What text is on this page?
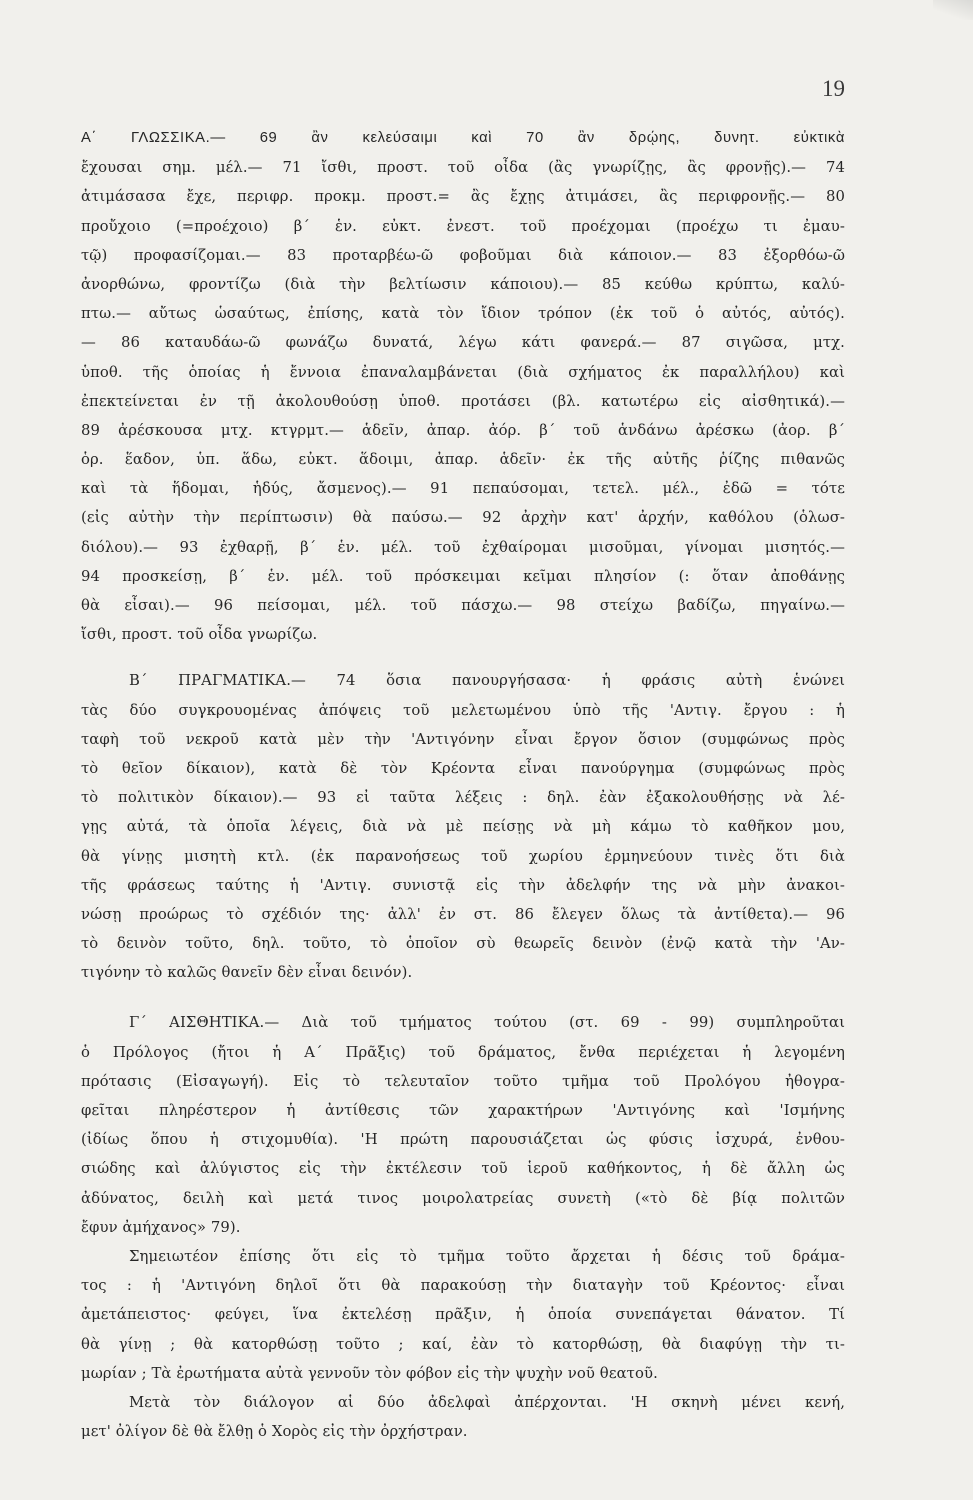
19
Α΄ ΓΛΩΣΣΙΚΑ.— 69 ἂν κελεύσαιμι καὶ 70 ἂν δρῴης, δυνητ. εὐκτικὰ
ἔχουσαι σημ. μέλ.— 71 ἴσθι, προστ. τοῦ οἶδα (ἂς γνωρίζῃς, ἂς φρονῇς).— 74
ἀτιμάσασα ἔχε, περιφρ. προκμ. προστ.= ἂς ἔχῃς ἀτιμάσει, ἂς περιφρονῇς.— 80
προὔχοιο (=προέχοιο) β΄ ἑν. εὐκτ. ἐνεστ. τοῦ προέχομαι (προέχω τι ἐμαυ-
τῷ) προφασίζομαι.— 83 προταρβέω-ῶ φοβοῦμαι διὰ κάποιον.— 83 ἐξορθόω-ῶ
ἀνορθώνω, φροντίζω (διὰ τὴν βελτίωσιν κάποιου).— 85 κεύθω κρύπτω, καλύ-
πτω.— αὔτως ὡσαύτως, ἐπίσης, κατὰ τὸν ἴδιον τρόπον (ἐκ τοῦ ὁ αὐτός, αὐτός).
— 86 καταυδάω-ῶ φωνάζω δυνατά, λέγω κάτι φανερά.— 87 σιγῶσα, μτχ.
ὑποθ. τῆς ὁποίας ἡ ἔννοια ἐπαναλαμβάνεται (διὰ σχήματος ἐκ παραλλήλου) καὶ
ἐπεκτείνεται ἐν τῇ ἀκολουθούσῃ ὑποθ. προτάσει (βλ. κατωτέρω εἰς αἰσθητικά).—
89 ἀρέσκουσα μτχ. κτγρμτ.— ἁδεῖν, ἀπαρ. ἀόρ. β΄ τοῦ ἁνδάνω ἀρέσκω (ἀορ. β΄
ὁρ. ἕαδον, ὑπ. ἅδω, εὐκτ. ἅδοιμι, ἀπαρ. ἁδεῖν· ἐκ τῆς αὐτῆς ῥίζης πιθανῶς
καὶ τὰ ἥδομαι, ἡδύς, ἄσμενος).— 91 πεπαύσομαι, τετελ. μέλ., ἐδῶ = τότε
(εἰς αὐτὴν τὴν περίπτωσιν) θὰ παύσω.— 92 ἀρχὴν κατ' ἀρχήν, καθόλου (ὁλωσ-
διόλου).— 93 ἐχθαρῇ, β΄ ἑν. μέλ. τοῦ ἐχθαίρομαι μισοῦμαι, γίνομαι μισητός.—
94 προσκείσῃ, β΄ ἑν. μέλ. τοῦ πρόσκειμαι κεῖμαι πλησίον (: ὅταν ἀποθάνῃς
θὰ εἶσαι).— 96 πείσομαι, μέλ. τοῦ πάσχω.— 98 στείχω βαδίζω, πηγαίνω.—
ἴσθι, προστ. τοῦ οἶδα γνωρίζω.
Β΄ ΠΡΑΓΜΑΤΙΚΑ.— 74 ὅσια πανουργήσασα· ἡ φράσις αὐτὴ ἑνώνει
τὰς δύο συγκρουομένας ἀπόψεις τοῦ μελετωμένου ὑπὸ τῆς 'Αντιγ. ἔργου : ἡ
ταφὴ τοῦ νεκροῦ κατὰ μὲν τὴν 'Αντιγόνην εἶναι ἔργον ὅσιον (συμφώνως πρὸς
τὸ θεῖον δίκαιον), κατὰ δὲ τὸν Κρέοντα εἶναι πανούργημα (συμφώνως πρὸς
τὸ πολιτικὸν δίκαιον).— 93 εἰ ταῦτα λέξεις : δηλ. ἐὰν ἐξακολουθήσῃς νὰ λέ-
γῃς αὐτά, τὰ ὁποῖα λέγεις, διὰ νὰ μὲ πείσῃς νὰ μὴ κάμω τὸ καθῆκον μου,
θὰ γίνῃς μισητὴ κτλ. (ἐκ παρανοήσεως τοῦ χωρίου ἑρμηνεύουν τινὲς ὅτι διὰ
τῆς φράσεως ταύτης ἡ 'Αντιγ. συνιστᾷ εἰς τὴν ἀδελφήν της νὰ μὴν ἀνακοι-
νώσῃ προώρως τὸ σχέδιόν της· ἀλλ' ἐν στ. 86 ἔλεγεν ὅλως τὰ ἀντίθετα).— 96
τὸ δεινὸν τοῦτο, δηλ. τοῦτο, τὸ ὁποῖον σὺ θεωρεῖς δεινὸν (ἐνῷ κατὰ τὴν 'Αν-
τιγόνην τὸ καλῶς θανεῖν δὲν εἶναι δεινόν).
Γ΄ ΑΙΣΘΗΤΙΚΑ.— Διὰ τοῦ τμήματος τούτου (στ. 69 - 99) συμπληροῦται
ὁ Πρόλογος (ἤτοι ἡ Α΄ Πρᾶξις) τοῦ δράματος, ἔνθα περιέχεται ἡ λεγομένη
πρότασις (Εἰσαγωγή). Εἰς τὸ τελευταῖον τοῦτο τμῆμα τοῦ Προλόγου ἠθογρα-
φεῖται πληρέστερον ἡ ἀντίθεσις τῶν χαρακτήρων 'Αντιγόνης καὶ 'Ισμήνης
(ἰδίως ὅπου ἡ στιχομυθία). 'Η πρώτη παρουσιάζεται ὡς φύσις ἰσχυρά, ἐνθου-
σιώδης καὶ ἀλύγιστος εἰς τὴν ἐκτέλεσιν τοῦ ἱεροῦ καθήκοντος, ἡ δὲ ἄλλη ὡς
ἀδύνατος, δειλὴ καὶ μετά τινος μοιρολατρείας συνετὴ («τὸ δὲ βίᾳ πολιτῶν
ἔφυν ἀμήχανος» 79).
Σημειωτέον ἐπίσης ὅτι εἰς τὸ τμῆμα τοῦτο ἄρχεται ἡ δέσις τοῦ δράμα-
τος : ἡ 'Αντιγόνη δηλοῖ ὅτι θὰ παρακούσῃ τὴν διαταγὴν τοῦ Κρέοντος· εἶναι
ἀμετάπειστος· φεύγει, ἵνα ἐκτελέσῃ πρᾶξιν, ἡ ὁποία συνεπάγεται θάνατον. Τί
θὰ γίνῃ ; θὰ κατορθώσῃ τοῦτο ; καί, ἐὰν τὸ κατορθώσῃ, θὰ διαφύγῃ τὴν τι-
μωρίαν ; Τὰ ἐρωτήματα αὐτὰ γεννοῦν τὸν φόβον εἰς τὴν ψυχὴν νοῦ θεατοῦ.
Μετὰ τὸν διάλογον αἱ δύο ἀδελφαὶ ἀπέρχονται. 'Η σκηνὴ μένει κενή,
μετ' ὀλίγον δὲ θὰ ἔλθῃ ὁ Χορὸς εἰς τὴν ὀρχήστραν.
